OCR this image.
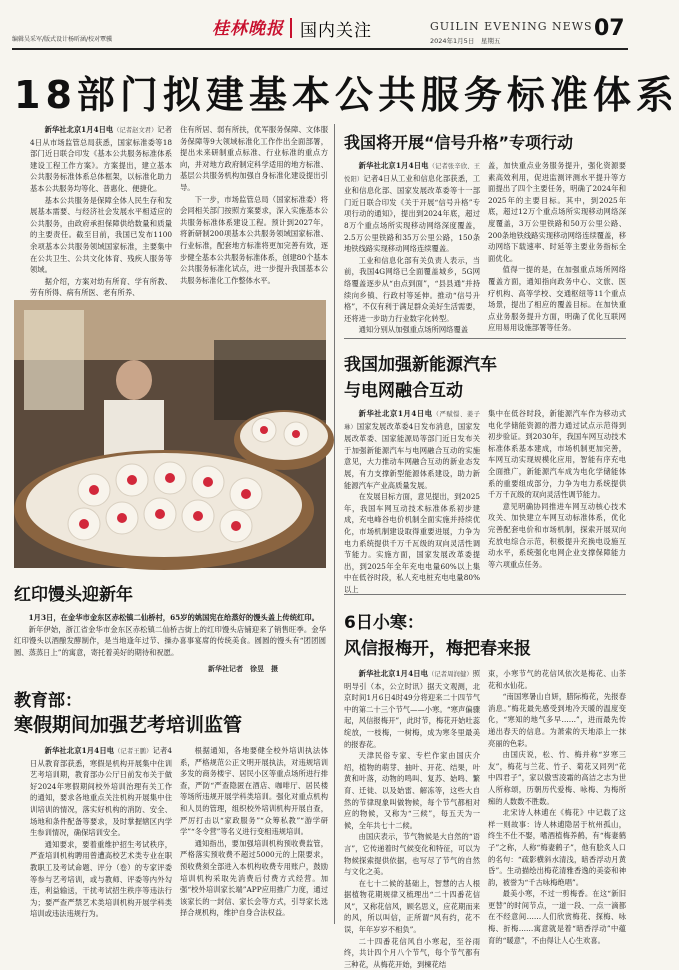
编辑吴采军/版式设计杨昕涵/校对覃骥
桂林晚报 国内关注	GUILIN EVENING NEWS
2024年1月5日　星期五	07
18部门拟建基本公共服务标准体系

新华社北京1月4日电（记者赵文君）记者4日从市场监管总局获悉，国家标准委等18部门近日联合印发《基本公共服务标准体系建设工程工作方案》。方案提出，建立基本公共服务标准体系总体框架，以标准化助力基本公共服务均等化、普惠化、便捷化。

基本公共服务是保障全体人民生存和发展基本需要、与经济社会发展水平相适应的公共服务，由政府承担保障供给数量和质量的主要责任。截至目前，我国已发布1100余项基本公共服务领域国家标准，主要集中在公共卫生、公共文化体育、残疾人服务等领域。

据介绍，方案对幼有所育、学有所教、劳有所得、病有所医、老有所养、

住有所居、弱有所扶，优军服务保障、文体服务保障等9大领域标准化工作作出全面部署，提出未来研制重点标准、行业标准的重点方向，并对地方政府制定科学适用的地方标准、基层公共服务机构加强自身标准化建设提出引导。

下一步，市场监管总局（国家标准委）将会同相关部门按照方案要求，深入实施基本公共服务标准体系建设工程。预计到2027年，将新研制200项基本公共服务领域国家标准、行业标准，配套地方标准将更加完善有效，逐步健全基本公共服务标准体系，创建80个基本公共服务标准化试点，进一步提升我国基本公共服务标准化工作整体水平。

红印馒头迎新年

1月3日，在金华市金东区赤松镇二仙桥村，65岁的姚国宪在给蒸好的馒头盖上传统红印。

新年伊始，浙江省金华市金东区赤松镇二仙桥古街上的红印馒头店铺迎来了销售旺季。金华红印馒头以酒酿发酵制作，是当地逢年过节、操办喜事宴席的传统美食。圆圆的馒头有“团团圆圆、蒸蒸日上”的寓意，寄托着美好的期待和祝愿。

新华社记者　徐昱　摄
教育部：
寒假期间加强艺考培训监管

新华社北京1月4日电（记者王鹏）记者4日从教育部获悉，寒假是机构开展集中住训艺考培训期，教育部办公厅日前发布关于做好2024年寒假期间校外培训治理有关工作的通知，要求各地重点关注机构开展集中住训培训的情况，落实好机构的消防、安全、场地和条件配备等要求，及时掌握辖区内学生参训情况，确保培训安全。

通知要求，要着重维护招生考试秩序，严查培训机构聘用曾遭高校艺术类专业在职教职工及考试命题、评分（卷）的专家评委等参与艺考培训，或与教师、评委等内外勾连，利益输送，干扰考试招生秩序等违法行为；要严查严禁艺术类培训机构开展学科类培训或违法违规行为。

根据通知，各地要健全校外培训执法体系，严格规范公正文明开展执法，对违规培训多发的商务楼宇、居民小区等重点场所进行排查，严防“严查隐匿在酒店、咖啡厅、居民楼等场所违规开展学科类培训。强化对重点机构和人员的管理，组织校外培训机构开展自查，严厉打击以“家政服务”“众筹私教”“游学研学”“冬令营”等名义进行变相违规培训。

通知指出，要加强培训机构预收费监管，严格落实预收费不超过5000元的上限要求，预收费须全部进入本机构收费专用账户，鼓励培训机构采取先消费后付费方式经营。加强“校外培训家长端”APP应用推广力度，通过该家长的一封信、家长会等方式，引导家长选择合规机构，维护自身合法权益。

我国将开展“信号升格”专项行动

新华社北京1月4日电（记者张辛欣、王悦阳）记者4日从工业和信息化部获悉，工业和信息化部、国家发展改革委等十一部门近日联合印发《关于开展“信号升格”专项行动的通知》，提出到2024年底，超过8万个重点场所实现移动网络深度覆盖，2.5万公里铁路和35万公里公路，150条地铁线路实现移动网络连续覆盖。

工业和信息化部有关负责人表示，当前，我国4G网络已全面覆盖城乡，5G网络覆盖逐步从“由点到面”，“县县通”并持续向乡镇、行政村等延伸。推动“信号升格”，不仅有利于满足群众美好生活需要，还将进一步助力行业数字化转型。

通知分别从加强重点场所网络覆盖

盖，加快重点业务服务提升，强化资源要素高效利用，促进监测评测水平提升等方面提出了四个主要任务，明确了2024年和2025年的主要目标。其中，到2025年底，超过12万个重点场所实现移动网络深度覆盖，3万公里铁路和50万公里公路、200条地铁线路实现移动网络连续覆盖，移动网络下载速率、时延等主要业务指标全面优化。

值得一提的是，在加强重点场所网络覆盖方面，通知指向政务中心、文旅、医疗机构、高等学校、交通枢纽等11个重点场景，提出了相应的覆盖目标。在加快重点业务服务提升方面，明确了优化互联网应用易用设施部署等任务。

我国加强新能源汽车
与电网融合互动

新华社北京1月4日电（严赋憬、姜子琳）国家发展改革委4日发布消息，国家发展改革委、国家能源局等部门近日发布关于加强新能源汽车与电网融合互动的实施意见，大力推动车网融合互动的新业态发展，有力支撑新型能源体系建设，助力新能源汽车产业高质量发展。

在发展目标方面，意见提出，到2025年，我国车网互动技术标准体系初步建成，充电峰谷电价机制全面实施并持续优化，市场机制建设取得重要进展，力争为电力系统提供千万千瓦级的双向灵活性调节能力。实施方面，国家发展改革委提出，到2025年全年充电电量60%以上集中在低谷时段，私人充电桩充电电量80%以上

集中在低谷时段，新能源汽车作为移动式电化学储能资源的潜力通过试点示范得到初步验证。到2030年，我国车网互动技术标准体系基本建成，市场机制更加完善，车网互动实现规模化应用，智能有序充电全面推广，新能源汽车成为电化学储能体系的重要组成部分，力争为电力系统提供千万千瓦级的双向灵活性调节能力。

意见明确协同推进车网互动核心技术攻关、加快建立车网互动标准体系，优化完善配套电价和市场机制，探索开展双向充放电综合示范，积极提升充换电设施互动水平，系统强化电网企业支撑保障能力等六项重点任务。

6日小寒：
风信报梅开，梅把春来报

新华社北京1月4日电（记者周润健）照明导引（本，公立时讯）据天文观测，北京时间1月6日4时49分将迎来二十四节气中的第二十三个节气——小寒。“寒声偏骤起，风信报梅开”，此时节，梅花开始吐蕊绽放，一枝梅，一树梅，成为寒冬里最美的报春花。

天津民俗专家、专栏作家由国庆介绍，植物的萌芽、抽叶、开花、结果，叶黄和叶落，动物的鸣叫、复苏、始鸣、繁育、迁徙、以及始雷、解冻等，这些大自然的节律现象叫做物候，每个节气都相对应的物候，又称为“三候”，每五天为一候，全年共七十二候。

由国庆表示，节气物候是大自然的“语言”，它传递着时气候变化和特征，可以为物候探索提供依据，也写尽了节气的自然与文化之美。

在七十二候的基础上，智慧的古人根据植物花期规律又梳理出“二十四番花信风”，又称花信风，顾名思义，应花期而来的风，所以叫信，正所谓“风有约，花不误，年年岁岁不相负”。

二十四番花信风自小寒起，至谷雨终，共计四个月八个节气，每个节气都有三种花，从梅花开始，到楝花结

束，小寒节气的花信风依次是梅花、山茶花和水仙花。

“南国寒暑山自妍，腊际梅花，先报春消息。”梅花最先感受到地冷天暖的温度变化，“寒知的地气多早……”，进而最先传递出春天的信息。为萧索的天地添上一抹亮丽的色彩。

由国庆说，松、竹、梅并称“岁寒三友”，梅花与兰花、竹子、菊花又同列“花中四君子”，家以傲雪凌霜的高洁之志为世人所称颂，历朝历代爱梅、咏梅、为梅所痴的人数数不胜数。

北宋诗人林逋在《梅花》中记载了这样一则故事：诗人林逋隐居于杭州孤山，终生不仕不娶，嗜酒植梅养鹤，有“梅妻鹤子”之称，人称“梅妻鹤子”，他有脍炙人口的名句：“疏影横斜水清浅，暗香浮动月黄昏”。生动描绘出梅花清雅香逸的美姿和神韵，被誉为“千古咏梅绝唱”。

最美小寒，不过一剪梅香。在这“新旧更替”的时间节点，一道一段、一点一滴都在不经意间……人们欣赏梅花、探梅、咏梅、折梅……寓意就是着“暗香浮动”中蕴育的“暖意”，不由得让人心生欢喜。
